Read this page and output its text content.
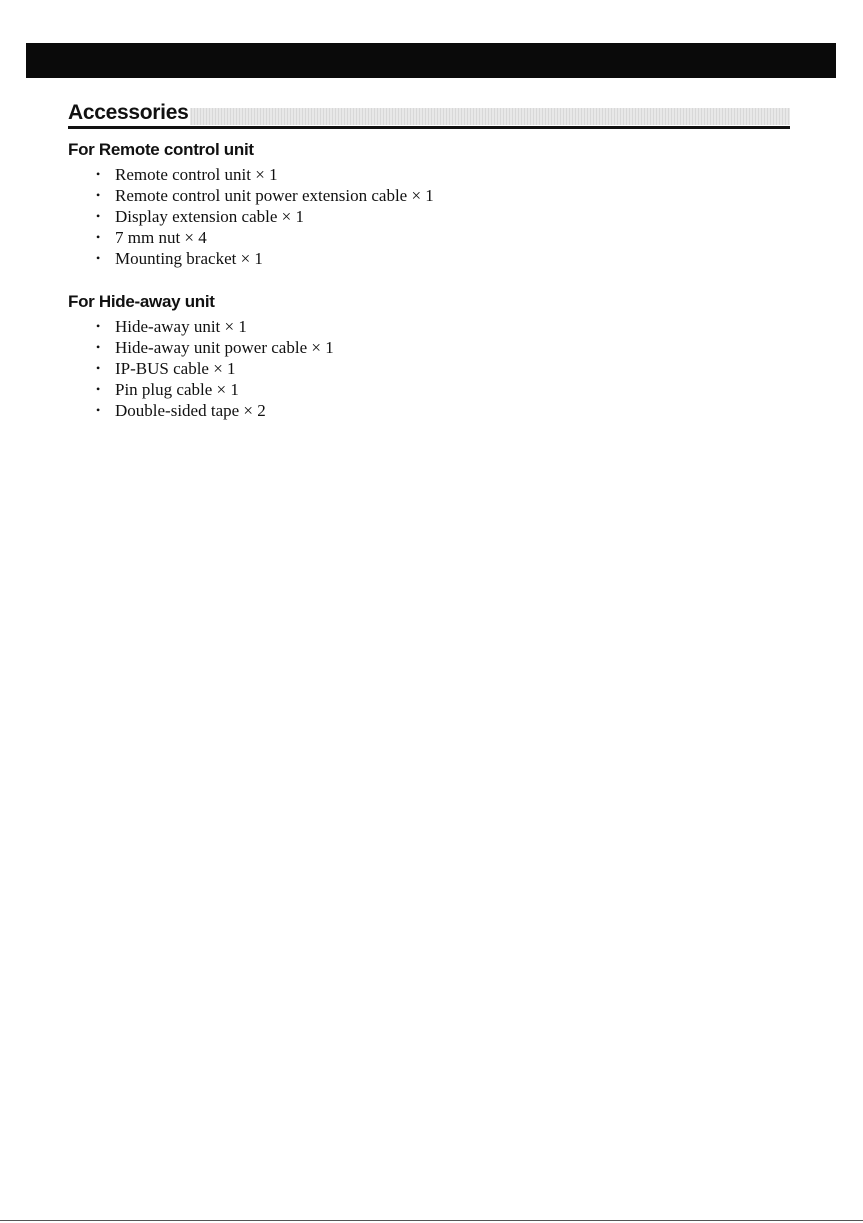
Accessories
For Remote control unit
• Remote control unit × 1
• Remote control unit power extension cable × 1
• Display extension cable × 1
• 7 mm nut × 4
• Mounting bracket × 1
For Hide-away unit
• Hide-away unit × 1
• Hide-away unit power cable × 1
• IP-BUS cable × 1
• Pin plug cable × 1
• Double-sided tape × 2
